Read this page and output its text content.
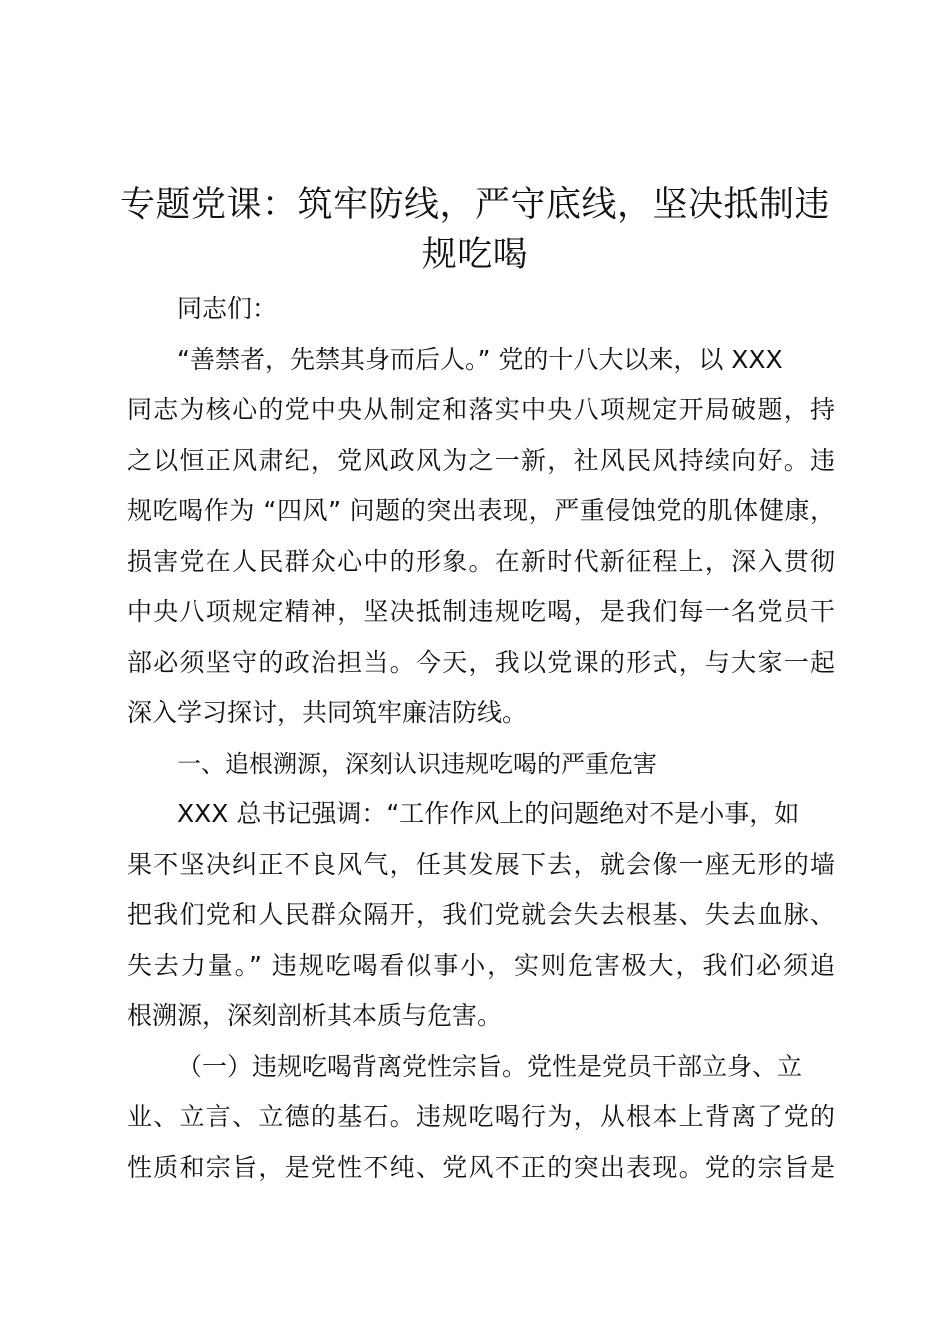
专题党课：筑牢防线，严守底线，坚决抵制违
规吃喝
同志们：
“善禁者，先禁其身而后人。” 党的十八大以来，以 XXX
同志为核心的党中央从制定和落实中央八项规定开局破题，持
之以恒正风肃纪，党风政风为之一新，社风民风持续向好。违
规吃喝作为 “四风” 问题的突出表现，严重侵蚀党的肌体健康，
损害党在人民群众心中的形象。在新时代新征程上，深入贯彻
中央八项规定精神，坚决抵制违规吃喝，是我们每一名党员干
部必须坚守的政治担当。今天，我以党课的形式，与大家一起
深入学习探讨，共同筑牢廉洁防线。
一、追根溯源，深刻认识违规吃喝的严重危害
XXX 总书记强调：“工作作风上的问题绝对不是小事，如
果不坚决纠正不良风气，任其发展下去，就会像一座无形的墙
把我们党和人民群众隔开，我们党就会失去根基、失去血脉、
失去力量。” 违规吃喝看似事小，实则危害极大，我们必须追
根溯源，深刻剖析其本质与危害。
（一）违规吃喝背离党性宗旨。党性是党员干部立身、立
业、立言、立德的基石。违规吃喝行为，从根本上背离了党的
性质和宗旨，是党性不纯、党风不正的突出表现。党的宗旨是
